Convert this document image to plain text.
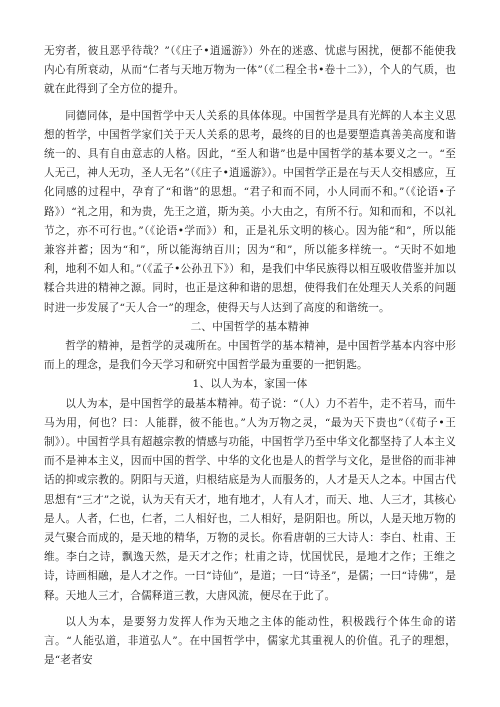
无穷者，彼且恶乎待哉？”（《庄子•逍遥游》）外在的迷惑、忧虑与困扰，便都不能使我内心有所衰动，从而“仁者与天地万物为一体”（《二程全书•卷十二》），个人的气质，也就在此得到了全方位的提升。

同德同体，是中国哲学中天人关系的具体体现。中国哲学是具有光辉的人本主义思想的哲学，中国哲学家们关于天人关系的思考，最终的目的也是要塑造真善美高度和谐统一的、具有自由意志的人格。因此，“至人和谐”也是中国哲学的基本要义之一。“至人无己，神人无功，圣人无名”（《庄子•逍遥游》）。中国哲学正是在与天人交相感应，互化同感的过程中，孕育了“和谐”的思想。“君子和而不同，小人同而不和。”（《论语•子路》）“礼之用，和为贵，先王之道，斯为美。小大由之，有所不行。知和而和，不以礼节之，亦不可行也。”（《论语•学而》）和，正是礼乐文明的核心。因为能“和”，所以能兼容并蓄；因为“和”，所以能海纳百川；因为“和”，所以能多样统一。“天时不如地利，地利不如人和。”（《孟子•公孙丑下》）和，是我们中华民族得以相互吸收借鉴并加以糅合共进的精神之源。同时，也正是这种和谐的思想，使得我们在处理天人关系的问题时进一步发展了“天人合一”的理念，使得天与人达到了高度的和谐统一。

二、中国哲学的基本精神

哲学的精神，是哲学的灵魂所在。中国哲学的基本精神，是中国哲学基本内容中形而上的理念，是我们今天学习和研究中国哲学最为重要的一把钥匙。

1、以人为本，家国一体

以人为本，是中国哲学的最基本精神。荀子说：“（人）力不若牛，走不若马，而牛马为用，何也？曰：人能群，彼不能也。”人为万物之灵，“最为天下贵也”（《荀子•王制》）。中国哲学具有超越宗教的情感与功能，中国哲学乃至中华文化都坚持了人本主义而不是神本主义，因而中国的哲学、中华的文化也是人的哲学与文化，是世俗的而非神话的抑或宗教的。阴阳与天道，归根结底是为人而服务的，人才是天人之本。中国古代思想有“三才”之说，认为天有天才，地有地才，人有人才，而天、地、人三才，其核心是人。人者，仁也，仁者，二人相好也，二人相好，是阴阳也。所以，人是天地万物的灵气聚合而成的，是天地的精华，万物的灵长。你看唐朝的三大诗人：李白、杜甫、王维。李白之诗，飘逸天然，是天才之作；杜甫之诗，忧国忧民，是地才之作；王维之诗，诗画相融，是人才之作。一曰“诗仙”，是道；一曰“诗圣”，是儒；一曰“诗佛”，是释。天地人三才，合儒释道三教，大唐风流，便尽在于此了。

以人为本，是要努力发挥人作为天地之主体的能动性，积极践行个体生命的诺言。“人能弘道，非道弘人”。在中国哲学中，儒家尤其重视人的价值。孔子的理想，是“老者安
